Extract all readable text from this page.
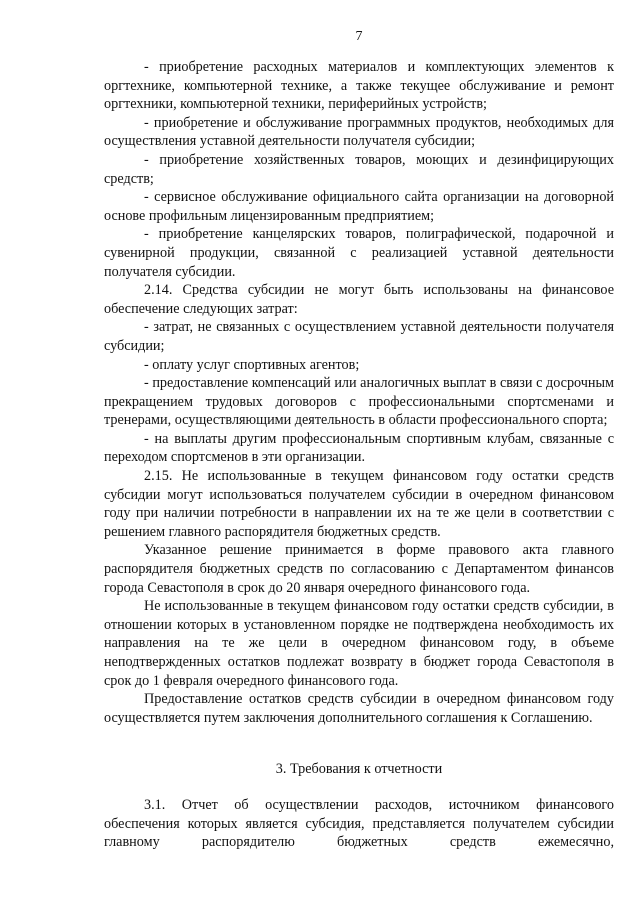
7

- приобретение расходных материалов и комплектующих элементов к оргтехнике, компьютерной технике, а также текущее обслуживание и ремонт оргтехники, компьютерной техники, периферийных устройств;

- приобретение и обслуживание программных продуктов, необходимых для осуществления уставной деятельности получателя субсидии;

- приобретение хозяйственных товаров, моющих и дезинфицирующих средств;

- сервисное обслуживание официального сайта организации на договорной основе профильным лицензированным предприятием;

- приобретение канцелярских товаров, полиграфической, подарочной и сувенирной продукции, связанной с реализацией уставной деятельности получателя субсидии.

2.14. Средства субсидии не могут быть использованы на финансовое обеспечение следующих затрат:

- затрат, не связанных с осуществлением уставной деятельности получателя субсидии;

- оплату услуг спортивных агентов;

- предоставление компенсаций или аналогичных выплат в связи с досрочным прекращением трудовых договоров с профессиональными спортсменами и тренерами, осуществляющими деятельность в области профессионального спорта;

- на выплаты другим профессиональным спортивным клубам, связанные с переходом спортсменов в эти организации.

2.15. Не использованные в текущем финансовом году остатки средств субсидии могут использоваться получателем субсидии в очередном финансовом году при наличии потребности в направлении их на те же цели в соответствии с решением главного распорядителя бюджетных средств.

Указанное решение принимается в форме правового акта главного распорядителя бюджетных средств по согласованию с Департаментом финансов города Севастополя в срок до 20 января очередного финансового года.

Не использованные в текущем финансовом году остатки средств субсидии, в отношении которых в установленном порядке не подтверждена необходимость их направления на те же цели в очередном финансовом году, в объеме неподтвержденных остатков подлежат возврату в бюджет города Севастополя в срок до 1 февраля очередного финансового года.

Предоставление остатков средств субсидии в очередном финансовом году осуществляется путем заключения дополнительного соглашения к Соглашению.

3. Требования к отчетности

3.1. Отчет об осуществлении расходов, источником финансового обеспечения которых является субсидия, представляется получателем субсидии главному распорядителю бюджетных средств ежемесячно,
